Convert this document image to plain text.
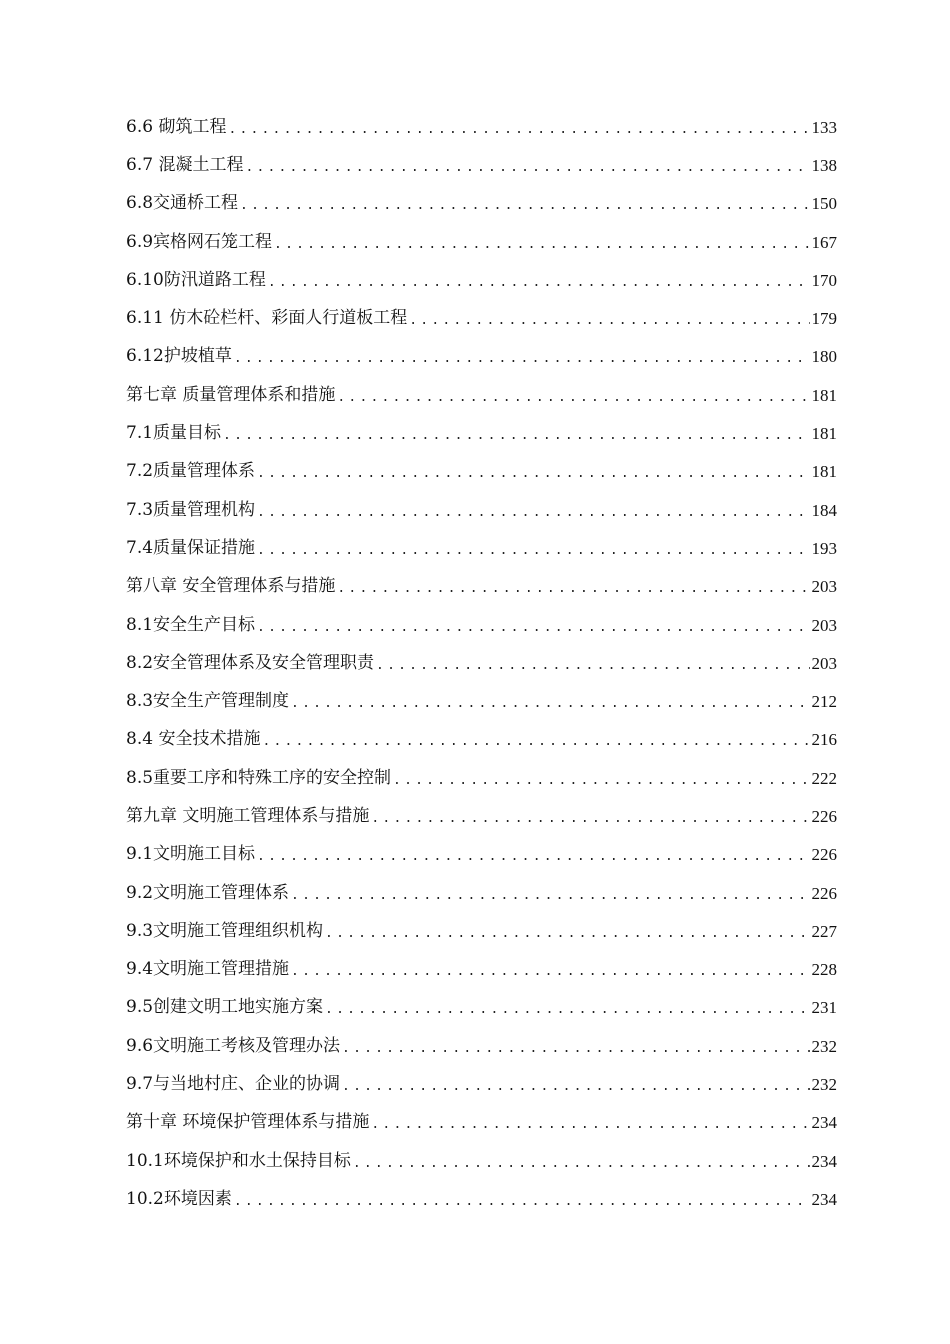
6.6 砌筑工程 .....	133
6.7 混凝土工程 .....	138
6.8交通桥工程 .....	150
6.9宾格网石笼工程 .....	167
6.10防汛道路工程 .....	170
6.11 仿木砼栏杆、彩面人行道板工程 .....	179
6.12护坡植草 .....	180
第七章 质量管理体系和措施 .....	181
7.1质量目标 .....	181
7.2质量管理体系 .....	181
7.3质量管理机构 .....	184
7.4质量保证措施 .....	193
第八章 安全管理体系与措施 .....	203
8.1安全生产目标 .....	203
8.2安全管理体系及安全管理职责 .....	203
8.3安全生产管理制度 .....	212
8.4 安全技术措施 .....	216
8.5重要工序和特殊工序的安全控制 .....	222
第九章 文明施工管理体系与措施 .....	226
9.1文明施工目标 .....	226
9.2文明施工管理体系 .....	226
9.3文明施工管理组织机构 .....	227
9.4文明施工管理措施 .....	228
9.5创建文明工地实施方案 .....	231
9.6文明施工考核及管理办法 .....	232
9.7与当地村庄、企业的协调 .....	232
第十章 环境保护管理体系与措施 .....	234
10.1环境保护和水土保持目标 .....	234
10.2环境因素 .....	234
